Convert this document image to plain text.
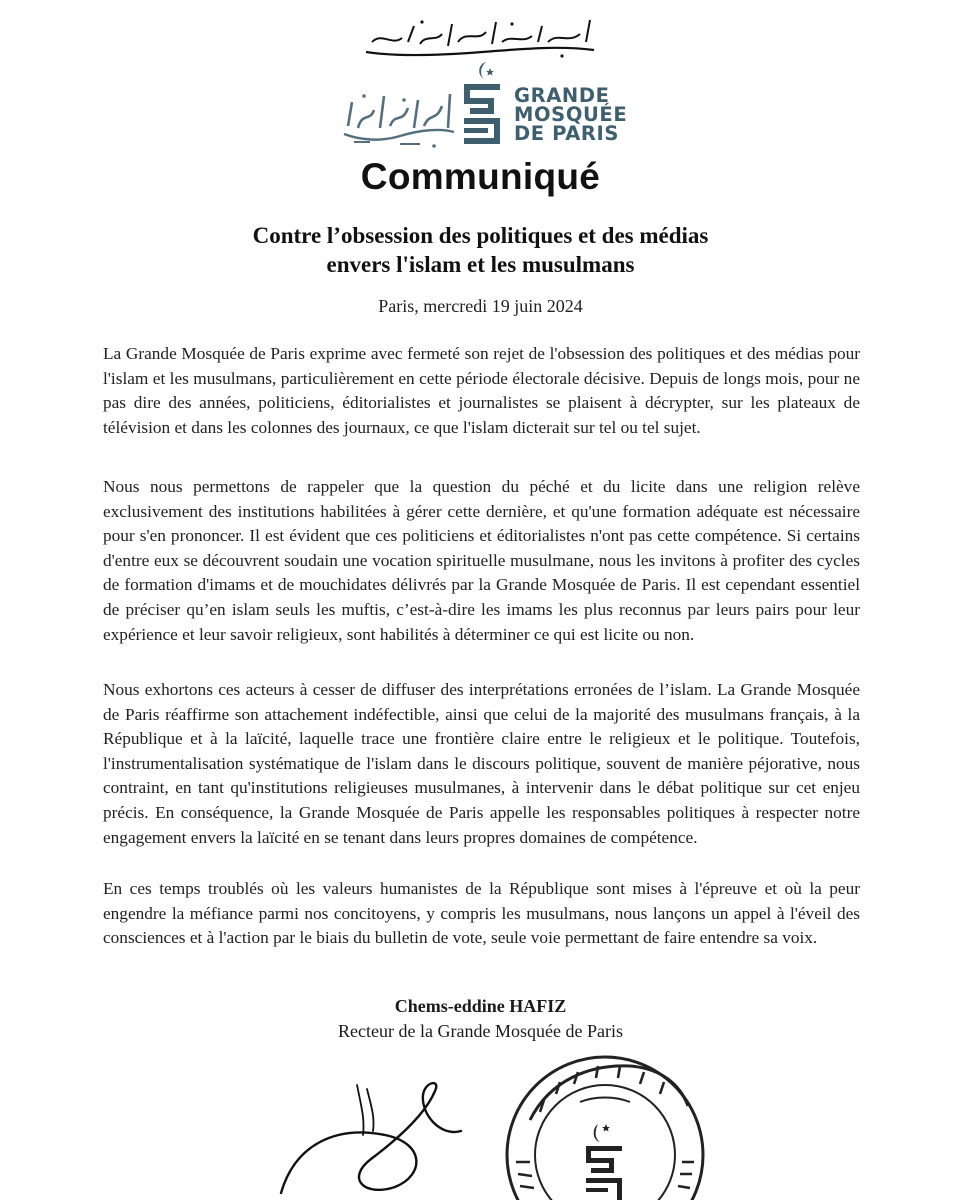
GRANDE
MOSQUÉE
DE PARIS
Communiqué
Contre l’obsession des politiques et des médias
envers l'islam et les musulmans
Paris, mercredi 19 juin 2024

La Grande Mosquée de Paris exprime avec fermeté son rejet de l'obsession des politiques et des médias pour l'islam et les musulmans, particulièrement en cette période électorale décisive. Depuis de longs mois, pour ne pas dire des années, politiciens, éditorialistes et journalistes se plaisent à décrypter, sur les plateaux de télévision et dans les colonnes des journaux, ce que l'islam dicterait sur tel ou tel sujet.

Nous nous permettons de rappeler que la question du péché et du licite dans une religion relève exclusivement des institutions habilitées à gérer cette dernière, et qu'une formation adéquate est nécessaire pour s'en prononcer. Il est évident que ces politiciens et éditorialistes n'ont pas cette compétence. Si certains d'entre eux se découvrent soudain une vocation spirituelle musulmane, nous les invitons à profiter des cycles de formation d'imams et de mouchidates délivrés par la Grande Mosquée de Paris. Il est cependant essentiel de préciser qu’en islam seuls les muftis, c’est-à-dire les imams les plus reconnus par leurs pairs pour leur expérience et leur savoir religieux, sont habilités à déterminer ce qui est licite ou non.

Nous exhortons ces acteurs à cesser de diffuser des interprétations erronées de l’islam. La Grande Mosquée de Paris réaffirme son attachement indéfectible, ainsi que celui de la majorité des musulmans français, à la République et à la laïcité, laquelle trace une frontière claire entre le religieux et le politique. Toutefois, l'instrumentalisation systématique de l'islam dans le discours politique, souvent de manière péjorative, nous contraint, en tant qu'institutions religieuses musulmanes, à intervenir dans le débat politique sur cet enjeu précis. En conséquence, la Grande Mosquée de Paris appelle les responsables politiques à respecter notre engagement envers la laïcité en se tenant dans leurs propres domaines de compétence.

En ces temps troublés où les valeurs humanistes de la République sont mises à l'épreuve et où la peur engendre la méfiance parmi nos concitoyens, y compris les musulmans, nous lançons un appel à l'éveil des consciences et à l'action par le biais du bulletin de vote, seule voie permettant de faire entendre sa voix.

Chems-eddine HAFIZ
Recteur de la Grande Mosquée de Paris
